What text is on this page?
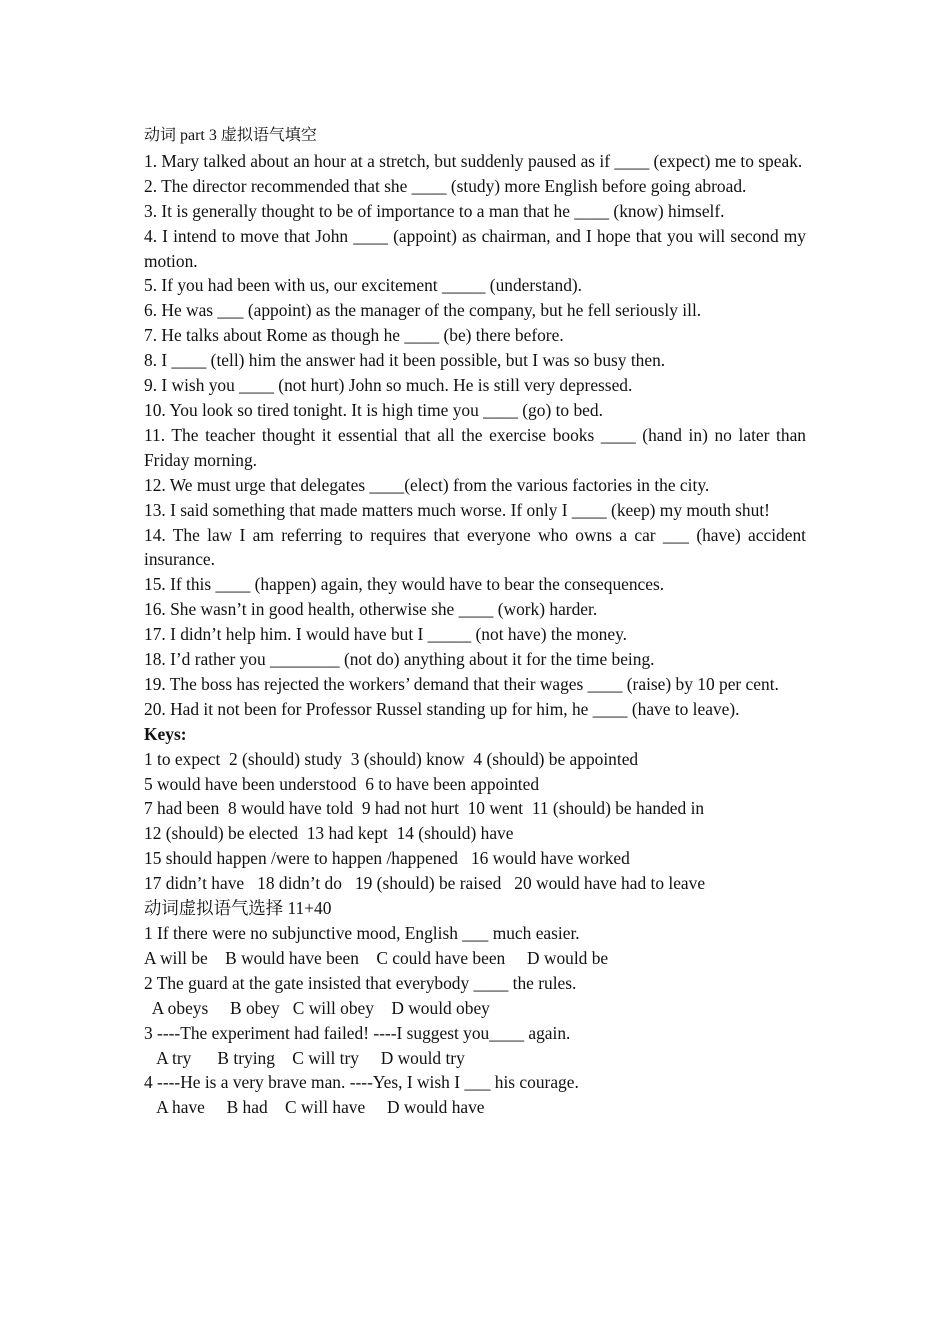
动词 part 3 虚拟语气填空

1. Mary talked about an hour at a stretch, but suddenly paused as if ____ (expect) me to speak.

2. The director recommended that she ____ (study) more English before going abroad.

3. It is generally thought to be of importance to a man that he ____ (know) himself.

4. I intend to move that John ____ (appoint) as chairman, and I hope that you will second my motion.

5. If you had been with us, our excitement _____ (understand).

6. He was ___ (appoint) as the manager of the company, but he fell seriously ill.

7. He talks about Rome as though he ____ (be) there before.

8. I ____ (tell) him the answer had it been possible, but I was so busy then.

9. I wish you ____ (not hurt) John so much. He is still very depressed.

10. You look so tired tonight. It is high time you ____ (go) to bed.

11. The teacher thought it essential that all the exercise books ____ (hand in) no later than Friday morning.

12. We must urge that delegates ____(elect) from the various factories in the city.

13. I said something that made matters much worse. If only I ____ (keep) my mouth shut!

14. The law I am referring to requires that everyone who owns a car ___ (have) accident insurance.

15. If this ____ (happen) again, they would have to bear the consequences.

16. She wasn’t in good health, otherwise she ____ (work) harder.

17. I didn’t help him. I would have but I _____ (not have) the money.

18. I’d rather you ________ (not do) anything about it for the time being.

19. The boss has rejected the workers’ demand that their wages ____ (raise) by 10 per cent.

20. Had it not been for Professor Russel standing up for him, he ____ (have to leave).

Keys:

1 to expect  2 (should) study  3 (should) know  4 (should) be appointed

5 would have been understood  6 to have been appointed

7 had been  8 would have told  9 had not hurt  10 went  11 (should) be handed in

12 (should) be elected  13 had kept  14 (should) have

15 should happen /were to happen /happened   16 would have worked

17 didn’t have   18 didn’t do   19 (should) be raised   20 would have had to leave

动词虚拟语气选择 11+40

1 If there were no subjunctive mood, English ___ much easier.

A will be    B would have been    C could have been     D would be

2 The guard at the gate insisted that everybody ____ the rules.

A obeys     B obey   C will obey    D would obey

3 ----The experiment had failed! ----I suggest you____ again.

A try      B trying    C will try     D would try

4 ----He is a very brave man. ----Yes, I wish I ___ his courage.

A have     B had    C will have     D would have
